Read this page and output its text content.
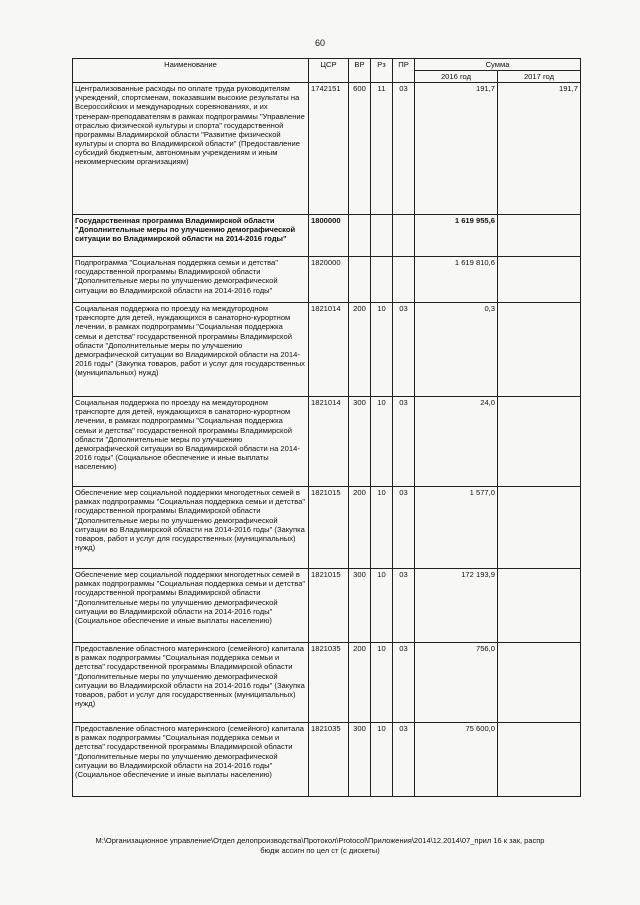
60
Наименование	ЦСР	ВР	Рз	ПР	Сумма	
					2016 год	2017 год
Централизованные расходы по оплате труда руководителям учреждений, спортсменам, показавшим высокие результаты на Всероссийских и международных соревнованиях, и их тренерам-преподавателям в рамках подпрограммы "Управление отраслью физической культуры и спорта" государственной программы Владимирской области "Развитие физической культуры и спорта во Владимирской области" (Предоставление субсидий бюджетным, автономным учреждениям и иным некоммерческим организациям)	1742151	600	11	03	191,7	191,7
Государственная программа Владимирской области "Дополнительные меры по улучшению демографической ситуации во Владимирской области на 2014-2016 годы"	1800000				1 619 955,6	
Подпрограмма "Социальная поддержка семьи и детства" государственной программы Владимирской области "Дополнительные меры по улучшению демографической ситуации во Владимирской области на 2014-2016 годы"	1820000				1 619 810,6	
Социальная поддержка по проезду на междугородном транспорте для детей, нуждающихся в санаторно-курортном лечении, в рамках подпрограммы "Социальная поддержка семьи и детства" государственной программы Владимирской области "Дополнительные меры по улучшению демографической ситуации во Владимирской области на 2014-2016 годы" (Закупка товаров, работ и услуг для государственных (муниципальных) нужд)	1821014	200	10	03	0,3	
Социальная поддержка по проезду на междугородном транспорте для детей, нуждающихся в санаторно-курортном лечении, в рамках подпрограммы "Социальная поддержка семьи и детства" государственной программы Владимирской области "Дополнительные меры по улучшению демографической ситуации во Владимирской области на 2014-2016 годы" (Социальное обеспечение и иные выплаты населению)	1821014	300	10	03	24,0	
Обеспечение мер социальной поддержки многодетных семей в рамках подпрограммы "Социальная поддержка семьи и детства" государственной программы Владимирской области "Дополнительные меры по улучшению демографической ситуации во Владимирской области на 2014-2016 годы" (Закупка товаров, работ и услуг для государственных (муниципальных) нужд)	1821015	200	10	03	1 577,0	
Обеспечение мер социальной поддержки многодетных семей в рамках подпрограммы "Социальная поддержка семьи и детства" государственной программы Владимирской области "Дополнительные меры по улучшению демографической ситуации во Владимирской области на 2014-2016 годы" (Социальное обеспечение и иные выплаты населению)	1821015	300	10	03	172 193,9	
Предоставление областного материнского (семейного) капитала в рамках подпрограммы "Социальная поддержка семьи и детства" государственной программы Владимирской области "Дополнительные меры по улучшению демографической ситуации во Владимирской области на 2014-2016 годы" (Закупка товаров, работ и услуг для государственных (муниципальных) нужд)	1821035	200	10	03	756,0	
Предоставление областного материнского (семейного) капитала в рамках подпрограммы "Социальная поддержка семьи и детства" государственной программы Владимирской области "Дополнительные меры по улучшению демографической ситуации во Владимирской области на 2014-2016 годы" (Социальное обеспечение и иные выплаты населению)	1821035	300	10	03	75 600,0	
M:\Организационное управление\Отдел делопроизводства\Протокол\Protocol\Приложения\2014\12.2014\07_прил 16 к зак, распр
бюдж ассигн по цел ст (с дискеты)
